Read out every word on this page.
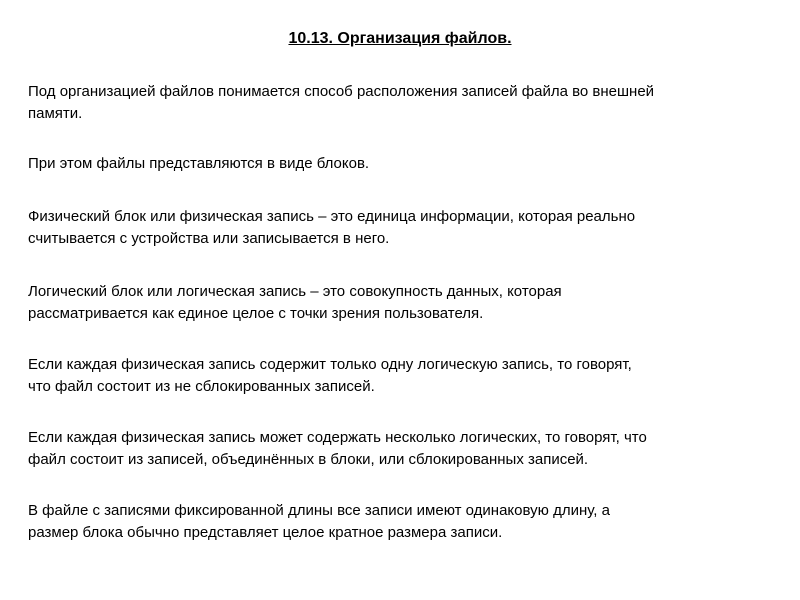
10.13. Организация файлов.

Под организацией файлов понимается способ расположения записей файла во внешней
памяти.

При этом файлы представляются в виде блоков.

Физический блок или физическая запись – это единица информации, которая реально
считывается с устройства или записывается в него.

Логический блок или логическая запись – это совокупность данных, которая
рассматривается как единое целое с точки зрения пользователя.

Если каждая физическая запись содержит только одну логическую запись, то говорят,
что файл состоит из не сблокированных записей.

Если каждая физическая запись может содержать несколько логических, то говорят, что
файл состоит из записей, объединённых в блоки, или сблокированных записей.

В файле с записями фиксированной длины все записи имеют одинаковую длину, а
размер блока обычно представляет целое кратное размера записи.
